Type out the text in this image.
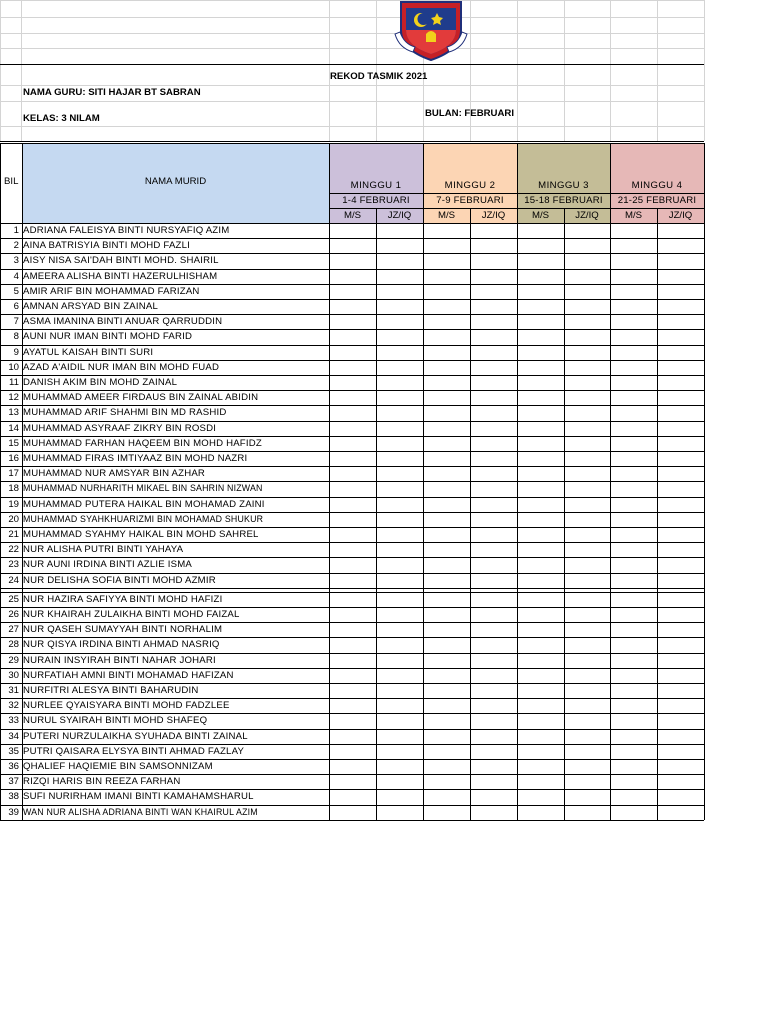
REKOD TASMIK 2021
NAMA GURU: SITI HAJAR BT SABRAN
KELAS: 3 NILAM	BULAN: FEBRUARI
BIL	NAMA MURID	MINGGU 1
1-4 FEBRUARI
M/S	JZ/IQ
MINGGU 2
7-9 FEBRUARI
M/S	JZ/IQ
MINGGU 3
15-18 FEBRUARI
M/S	JZ/IQ
MINGGU 4
21-25 FEBRUARI
M/S	JZ/IQ
1 ADRIANA FALEISYA BINTI NURSYAFIQ AZIM
2 AINA BATRISYIA BINTI MOHD FAZLI
3 AISY NISA SAI'DAH BINTI MOHD. SHAIRIL
4 AMEERA ALISHA BINTI HAZERULHISHAM
5 AMIR ARIF BIN MOHAMMAD FARIZAN
6 AMNAN ARSYAD BIN ZAINAL
7 ASMA IMANINA BINTI ANUAR QARRUDDIN
8 AUNI NUR IMAN BINTI MOHD FARID
9 AYATUL KAISAH BINTI SURI
10 AZAD A'AIDIL NUR IMAN BIN MOHD FUAD
11 DANISH AKIM BIN MOHD ZAINAL
12 MUHAMMAD AMEER FIRDAUS BIN ZAINAL ABIDIN
13 MUHAMMAD ARIF SHAHMI BIN MD RASHID
14 MUHAMMAD ASYRAAF ZIKRY BIN ROSDI
15 MUHAMMAD FARHAN HAQEEM BIN MOHD HAFIDZ
16 MUHAMMAD FIRAS IMTIYAAZ BIN MOHD NAZRI
17 MUHAMMAD NUR AMSYAR BIN AZHAR
18 MUHAMMAD NURHARITH MIKAEL BIN SAHRIN NIZWAN
19 MUHAMMAD PUTERA HAIKAL BIN MOHAMAD ZAINI
20 MUHAMMAD SYAHKHUARIZMI BIN MOHAMAD SHUKUR
21 MUHAMMAD SYAHMY HAIKAL BIN MOHD SAHREL
22 NUR ALISHA PUTRI BINTI YAHAYA
23 NUR AUNI IRDINA BINTI AZLIE ISMA
24 NUR DELISHA SOFIA BINTI MOHD AZMIR
25 NUR HAZIRA SAFIYYA BINTI MOHD HAFIZI
26 NUR KHAIRAH ZULAIKHA BINTI MOHD FAIZAL
27 NUR QASEH SUMAYYAH BINTI NORHALIM
28 NUR QISYA IRDINA BINTI AHMAD NASRIQ
29 NURAIN INSYIRAH BINTI NAHAR JOHARI
30 NURFATIAH AMNI BINTI MOHAMAD HAFIZAN
31 NURFITRI ALESYA BINTI BAHARUDIN
32 NURLEE QYAISYARA BINTI MOHD FADZLEE
33 NURUL SYAIRAH BINTI MOHD SHAFEQ
34 PUTERI NURZULAIKHA SYUHADA BINTI ZAINAL
35 PUTRI QAISARA ELYSYA BINTI AHMAD FAZLAY
36 QHALIEF HAQIEMIE BIN SAMSONNIZAM
37 RIZQI HARIS BIN REEZA FARHAN
38 SUFI NURIRHAM IMANI BINTI KAMAHAMSHARUL
39 WAN NUR ALISHA ADRIANA BINTI WAN KHAIRUL AZIM
